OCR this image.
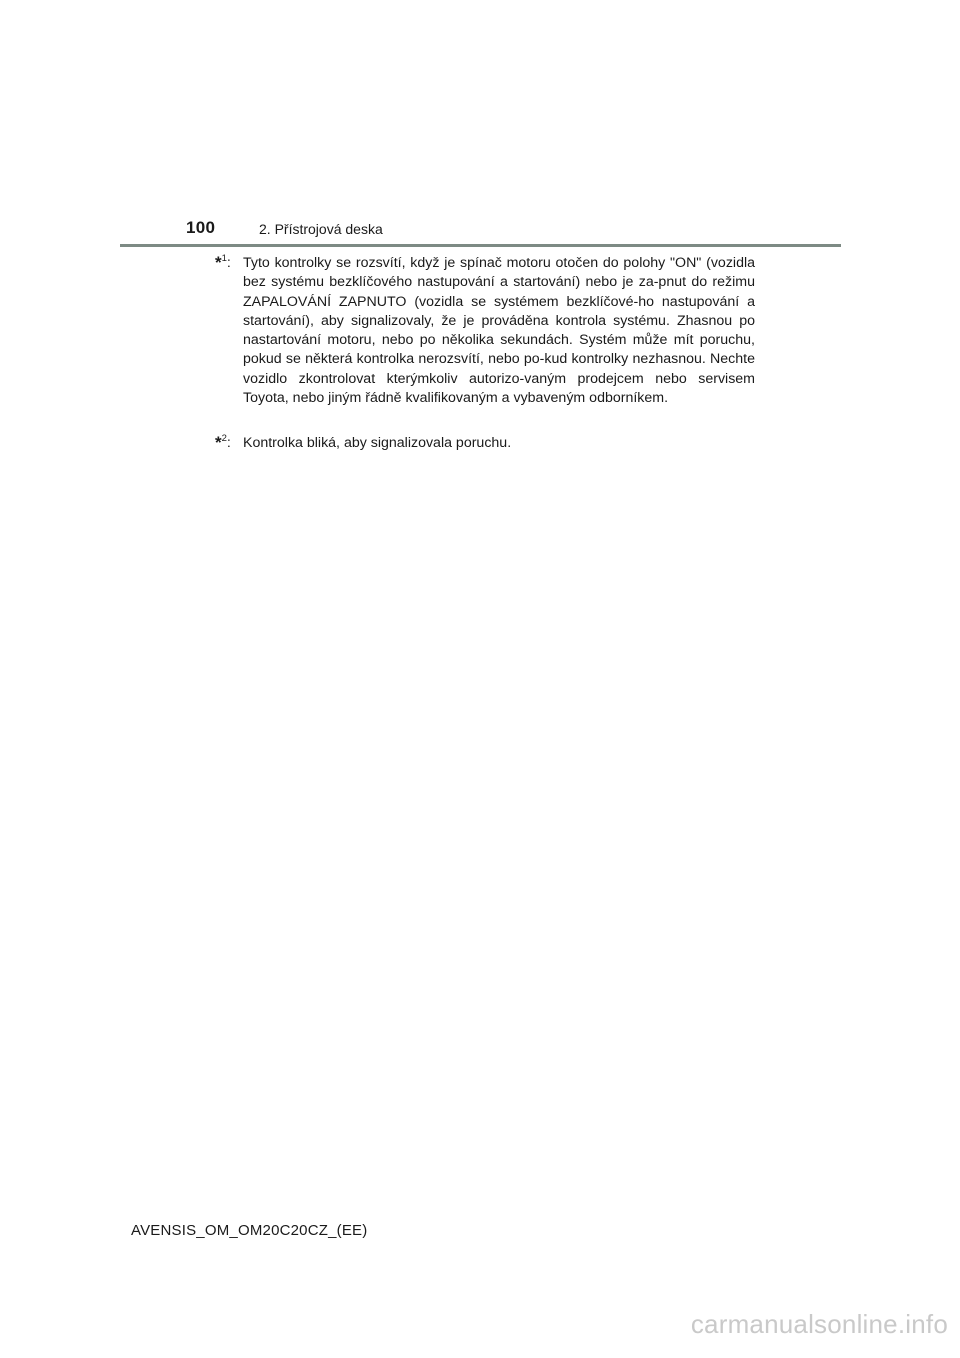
100	2. Přístrojová deska
*$^1$: Tyto kontrolky se rozsvítí, když je spínač motoru otočen do polohy "ON" (vozidla bez systému bezklíčového nastupování a startování) nebo je za-pnut do režimu ZAPALOVÁNÍ ZAPNUTO (vozidla se systémem bezklíčové-ho nastupování a startování), aby signalizovaly, že je prováděna kontrola systému. Zhasnou po nastartování motoru, nebo po několika sekundách. Systém může mít poruchu, pokud se některá kontrolka nerozsvítí, nebo po-kud kontrolky nezhasnou. Nechte vozidlo zkontrolovat kterýmkoliv autorizo-vaným prodejcem nebo servisem Toyota, nebo jiným řádně kvalifikovaným a vybaveným odborníkem.
*$^2$: Kontrolka bliká, aby signalizovala poruchu.
AVENSIS_OM_OM20C20CZ_(EE)
carmanualsonline.info
